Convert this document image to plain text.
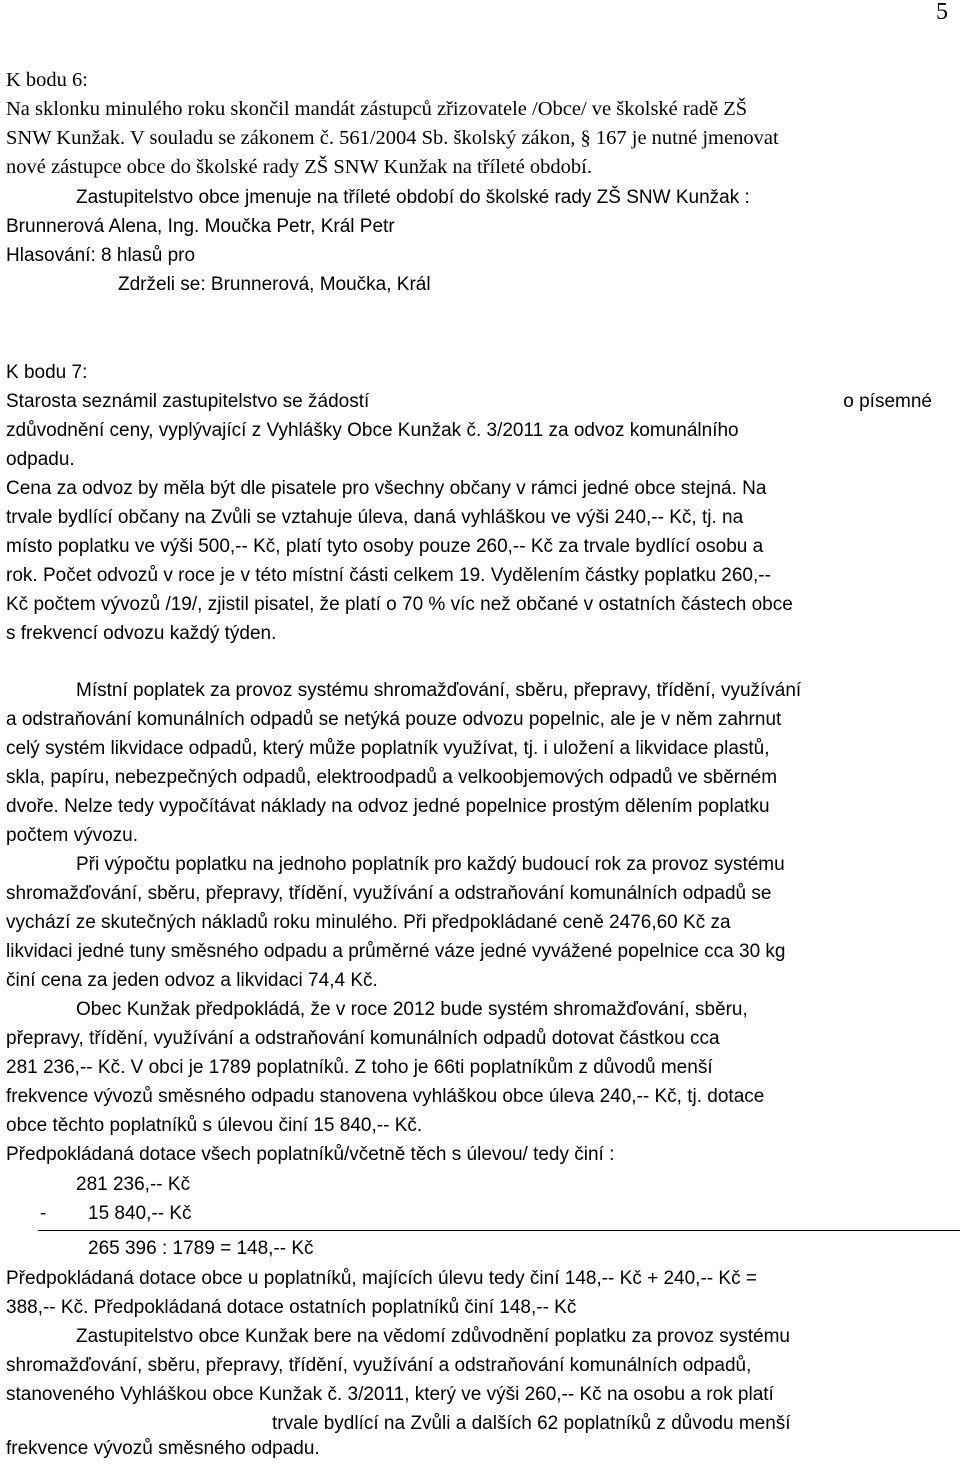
5
K bodu 6:
Na sklonku minulého roku skončil mandát zástupců zřizovatele /Obce/ ve školské radě ZŠ
SNW Kunžak. V souladu se zákonem č. 561/2004 Sb. školský zákon, § 167 je nutné jmenovat
nové zástupce obce do školské rady ZŠ SNW Kunžak na tříleté období.
Zastupitelstvo obce jmenuje na tříleté období do školské rady ZŠ SNW Kunžak :
Brunnerová Alena, Ing. Moučka Petr, Král Petr
Hlasování: 8 hlasů pro
Zdrželi se: Brunnerová, Moučka, Král
K bodu 7:
Starosta seznámil zastupitelstvo se žádostí	o písemné
zdůvodnění ceny, vyplývající z Vyhlášky Obce Kunžak č. 3/2011 za odvoz komunálního
odpadu.
Cena za odvoz by měla být dle pisatele pro všechny občany v rámci jedné obce stejná. Na
trvale bydlící občany na Zvůli se vztahuje úleva, daná vyhláškou ve výši 240,-- Kč, tj. na
místo poplatku ve výši 500,-- Kč, platí tyto osoby pouze 260,-- Kč za trvale bydlící osobu a
rok. Počet odvozů v roce je v této místní části celkem 19. Vydělením částky poplatku 260,--
Kč počtem vývozů /19/, zjistil pisatel, že platí o 70 % víc než občané v ostatních částech obce
s frekvencí odvozu každý týden.
Místní poplatek za provoz systému shromažďování, sběru, přepravy, třídění, využívání
a odstraňování komunálních odpadů se netýká pouze odvozu popelnic, ale je v něm zahrnut
celý systém likvidace odpadů, který může poplatník využívat, tj. i uložení a likvidace plastů,
skla, papíru, nebezpečných odpadů, elektroodpadů a velkoobjemových odpadů ve sběrném
dvoře. Nelze tedy vypočítávat náklady na odvoz jedné popelnice prostým dělením poplatku
počtem vývozu.
Při výpočtu poplatku na jednoho poplatník pro každý budoucí rok za provoz systému
shromažďování, sběru, přepravy, třídění, využívání a odstraňování komunálních odpadů se
vychází ze skutečných nákladů roku minulého. Při předpokládané ceně 2476,60 Kč za
likvidaci jedné tuny směsného odpadu a průměrné váze jedné vyvážené popelnice cca 30 kg
činí cena za jeden odvoz a likvidaci 74,4 Kč.
Obec Kunžak předpokládá, že v roce 2012 bude systém shromažďování, sběru,
přepravy, třídění, využívání a odstraňování komunálních odpadů dotovat částkou cca
281 236,-- Kč. V obci je 1789 poplatníků. Z toho je 66ti poplatníkům z důvodů menší
frekvence vývozů směsného odpadu stanovena vyhláškou obce úleva 240,-- Kč, tj. dotace
obce těchto poplatníků s úlevou činí 15 840,-- Kč.
Předpokládaná dotace všech poplatníků/včetně těch s úlevou/ tedy činí :
281 236,-- Kč
- 15 840,-- Kč
265 396 : 1789 = 148,-- Kč
Předpokládaná dotace obce u poplatníků, majících úlevu tedy činí 148,-- Kč + 240,-- Kč =
388,-- Kč. Předpokládaná dotace ostatních poplatníků činí 148,-- Kč
Zastupitelstvo obce Kunžak bere na vědomí zdůvodnění poplatku za provoz systému
shromažďování, sběru, přepravy, třídění, využívání a odstraňování komunálních odpadů,
stanoveného Vyhláškou obce Kunžak č. 3/2011, který ve výši 260,-- Kč na osobu a rok platí
trvale bydlící na Zvůli a dalších 62 poplatníků z důvodu menší
frekvence vývozů směsného odpadu.
